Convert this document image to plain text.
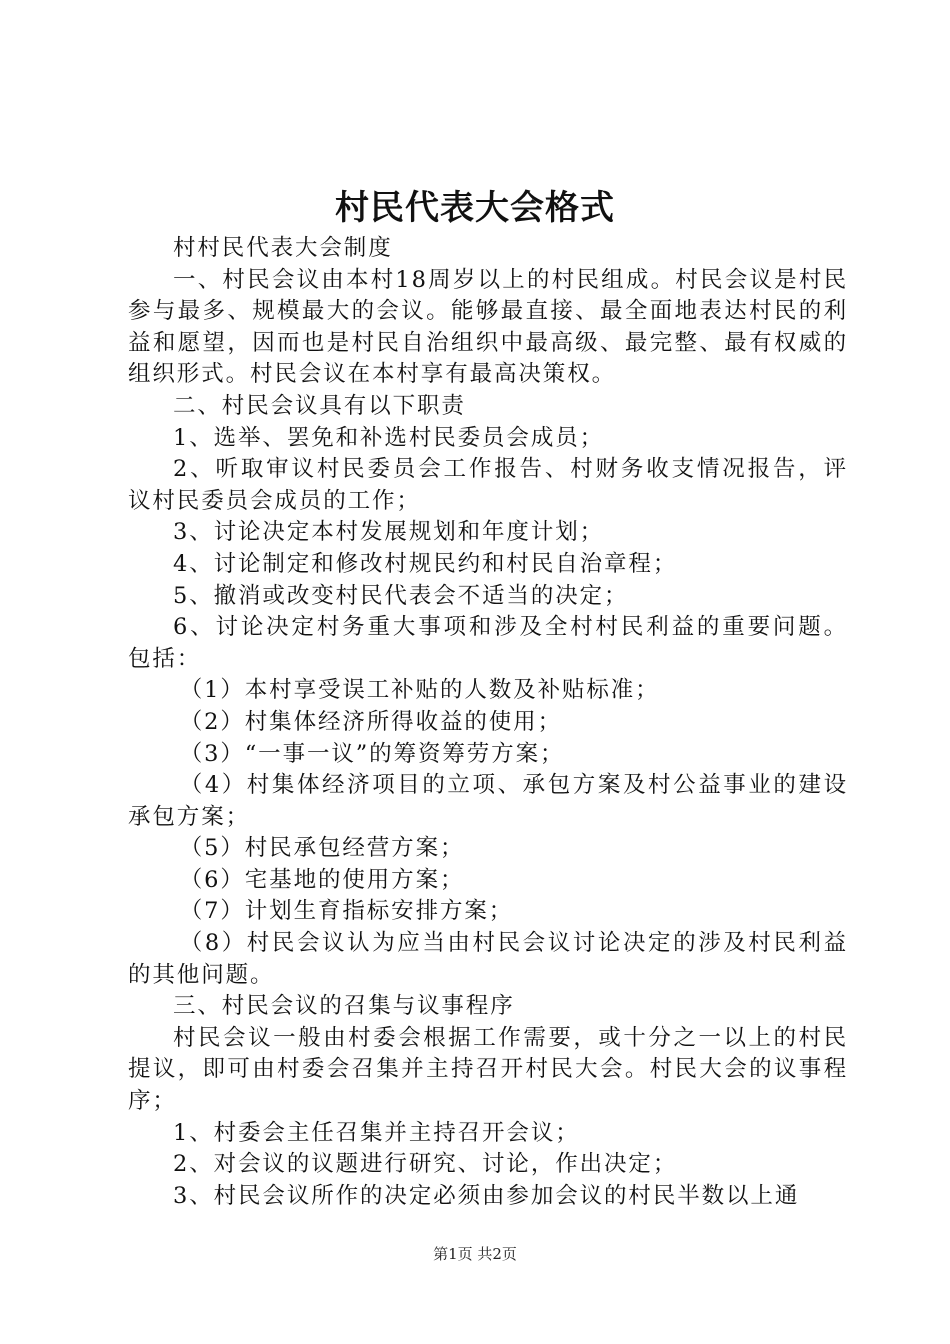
村民代表大会格式

村村民代表大会制度

一、村民会议由本村18周岁以上的村民组成。村民会议是村民参与最多、规模最大的会议。能够最直接、最全面地表达村民的利益和愿望，因而也是村民自治组织中最高级、最完整、最有权威的组织形式。村民会议在本村享有最高决策权。

二、村民会议具有以下职责

1、选举、罢免和补选村民委员会成员；

2、听取审议村民委员会工作报告、村财务收支情况报告，评议村民委员会成员的工作；

3、讨论决定本村发展规划和年度计划；

4、讨论制定和修改村规民约和村民自治章程；

5、撤消或改变村民代表会不适当的决定；

6、讨论决定村务重大事项和涉及全村村民利益的重要问题。包括：

（1）本村享受误工补贴的人数及补贴标准；

（2）村集体经济所得收益的使用；

（3）“一事一议”的筹资筹劳方案；

（4）村集体经济项目的立项、承包方案及村公益事业的建设承包方案；

（5）村民承包经营方案；

（6）宅基地的使用方案；

（7）计划生育指标安排方案；

（8）村民会议认为应当由村民会议讨论决定的涉及村民利益的其他问题。

三、村民会议的召集与议事程序

村民会议一般由村委会根据工作需要，或十分之一以上的村民提议，即可由村委会召集并主持召开村民大会。村民大会的议事程序；

1、村委会主任召集并主持召开会议；

2、对会议的议题进行研究、讨论，作出决定；

3、村民会议所作的决定必须由参加会议的村民半数以上通

第1页 共2页
